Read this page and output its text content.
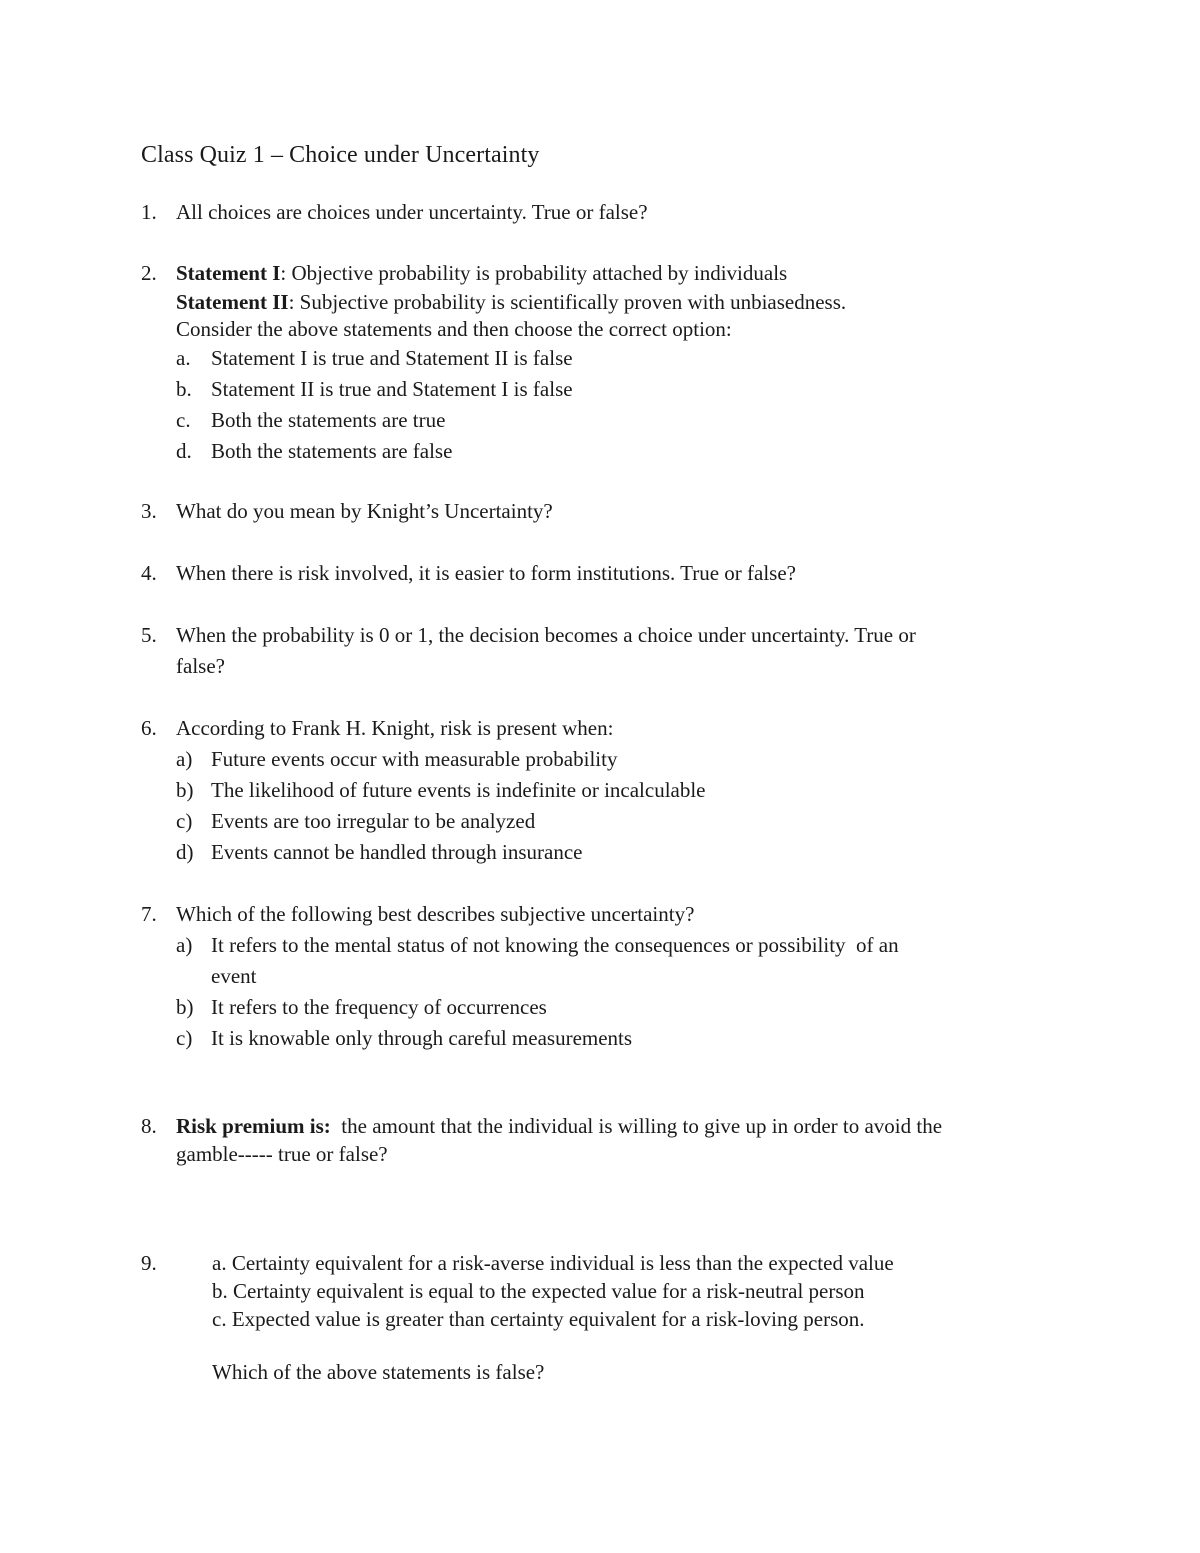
Class Quiz 1 – Choice under Uncertainty
1. All choices are choices under uncertainty. True or false?
2. Statement I: Objective probability is probability attached by individuals
Statement II: Subjective probability is scientifically proven with unbiasedness.
Consider the above statements and then choose the correct option:
a. Statement I is true and Statement II is false
b. Statement II is true and Statement I is false
c. Both the statements are true
d. Both the statements are false
3. What do you mean by Knight’s Uncertainty?
4. When there is risk involved, it is easier to form institutions. True or false?
5. When the probability is 0 or 1, the decision becomes a choice under uncertainty. True or
false?
6. According to Frank H. Knight, risk is present when:
a) Future events occur with measurable probability
b) The likelihood of future events is indefinite or incalculable
c) Events are too irregular to be analyzed
d) Events cannot be handled through insurance
7. Which of the following best describes subjective uncertainty?
a) It refers to the mental status of not knowing the consequences or possibility  of an
event
b) It refers to the frequency of occurrences
c) It is knowable only through careful measurements
8. Risk premium is:  the amount that the individual is willing to give up in order to avoid the
gamble----- true or false?
9.	a. Certainty equivalent for a risk-averse individual is less than the expected value
b. Certainty equivalent is equal to the expected value for a risk-neutral person
c. Expected value is greater than certainty equivalent for a risk-loving person.
Which of the above statements is false?
